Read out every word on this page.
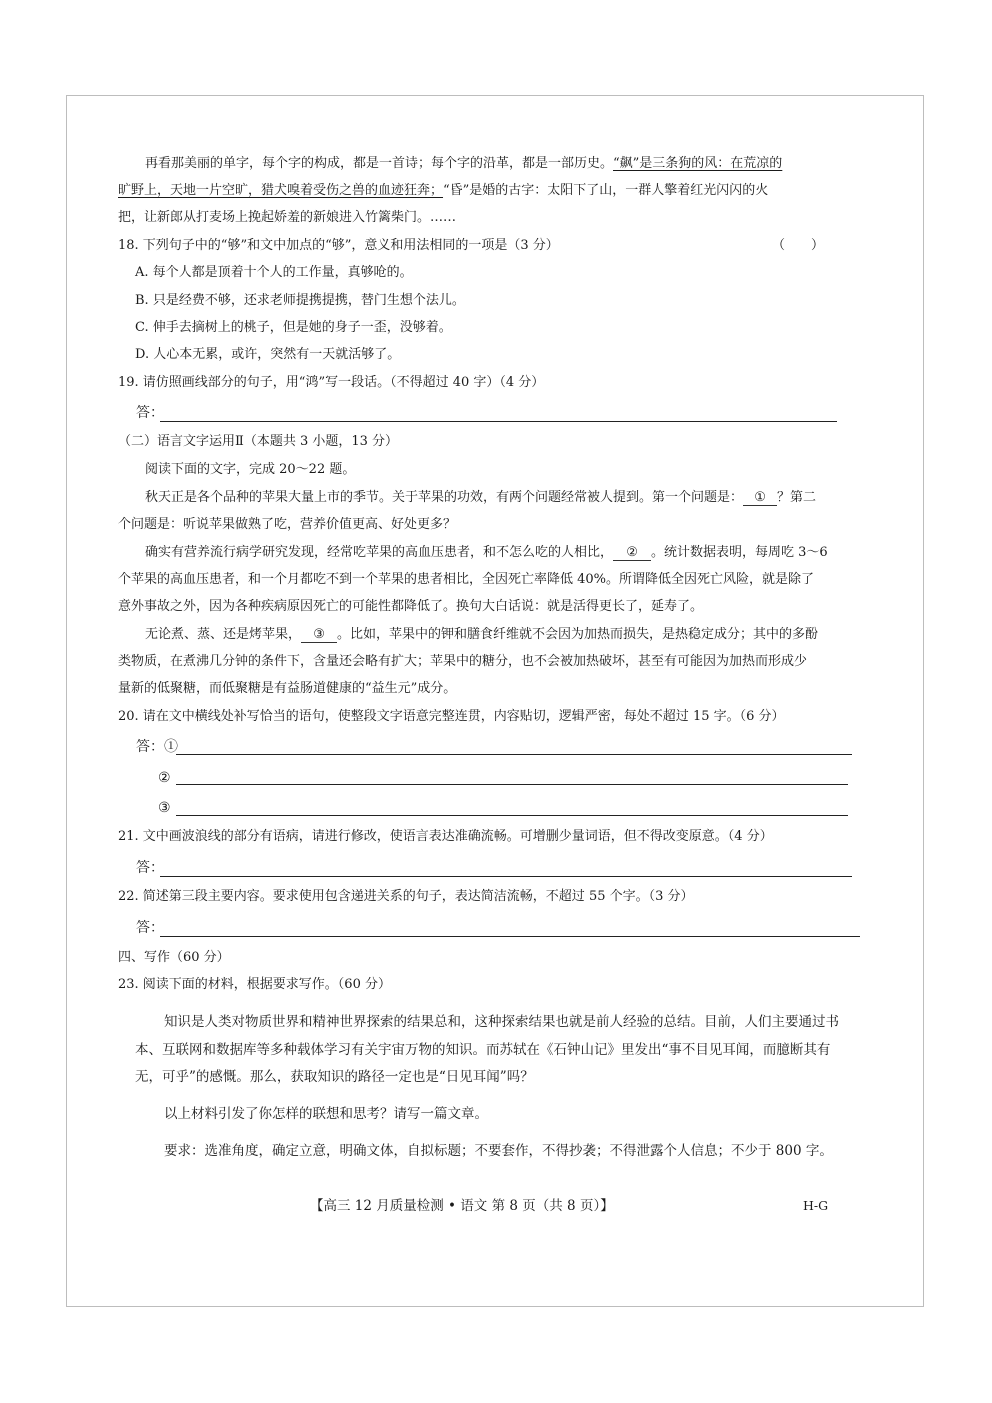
再看那美丽的单字，每个字的构成，都是一首诗；每个字的沿革，都是一部历史。“飙”是三条狗的风：在荒凉的
旷野上，天地一片空旷，猎犬嗅着受伤之兽的血迹狂奔；“昏”是婚的古字：太阳下了山，一群人擎着红光闪闪的火
把，让新郎从打麦场上挽起娇羞的新娘进入竹篱柴门。……
18. 下列句子中的“够”和文中加点的“够”，意义和用法相同的一项是（3 分）	（　　）
A. 每个人都是顶着十个人的工作量，真够呛的。
B. 只是经费不够，还求老师提携提携，替门生想个法儿。
C. 伸手去摘树上的桃子，但是她的身子一歪，没够着。
D. 人心本无累，或许，突然有一天就活够了。
19. 请仿照画线部分的句子，用“鸿”写一段话。（不得超过 40 字）（4 分）
答：
（二）语言文字运用Ⅱ（本题共 3 小题，13 分）
阅读下面的文字，完成 20～22 题。
秋天正是各个品种的苹果大量上市的季节。关于苹果的功效，有两个问题经常被人提到。第一个问题是： ① ？第二
个问题是：听说苹果做熟了吃，营养价值更高、好处更多？
确实有营养流行病学研究发现，经常吃苹果的高血压患者，和不怎么吃的人相比， ② 。统计数据表明，每周吃 3～6
个苹果的高血压患者，和一个月都吃不到一个苹果的患者相比，全因死亡率降低 40%。所谓降低全因死亡风险，就是除了
意外事故之外，因为各种疾病原因死亡的可能性都降低了。换句大白话说：就是活得更长了，延寿了。
无论煮、蒸、还是烤苹果， ③ 。比如，苹果中的钾和膳食纤维就不会因为加热而损失，是热稳定成分；其中的多酚
类物质，在煮沸几分钟的条件下，含量还会略有扩大；苹果中的糖分，也不会被加热破坏，甚至有可能因为加热而形成少
量新的低聚糖，而低聚糖是有益肠道健康的“益生元”成分。
20. 请在文中横线处补写恰当的语句，使整段文字语意完整连贯，内容贴切，逻辑严密，每处不超过 15 字。（6 分）
答：①
②
③
21. 文中画波浪线的部分有语病，请进行修改，使语言表达准确流畅。可增删少量词语，但不得改变原意。（4 分）
答：
22. 简述第三段主要内容。要求使用包含递进关系的句子，表达简洁流畅，不超过 55 个字。（3 分）
答：
四、写作（60 分）
23. 阅读下面的材料，根据要求写作。（60 分）
知识是人类对物质世界和精神世界探索的结果总和，这种探索结果也就是前人经验的总结。目前，人们主要通过书
本、互联网和数据库等多种载体学习有关宇宙万物的知识。而苏轼在《石钟山记》里发出“事不目见耳闻，而臆断其有
无，可乎”的感慨。那么，获取知识的路径一定也是“日见耳闻”吗？
以上材料引发了你怎样的联想和思考？请写一篇文章。
要求：选准角度，确定立意，明确文体，自拟标题；不要套作，不得抄袭；不得泄露个人信息；不少于 800 字。
【高三 12 月质量检测 • 语文 第 8 页（共 8 页）】	H-G
